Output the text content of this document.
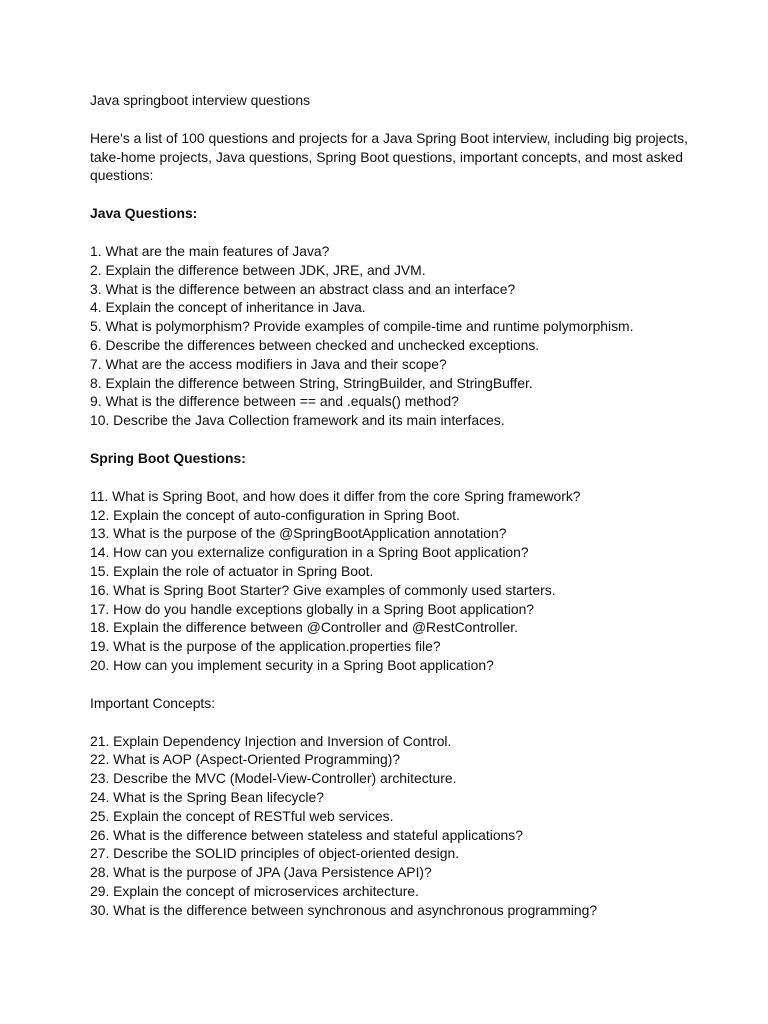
Java springboot interview questions

Here's a list of 100 questions and projects for a Java Spring Boot interview, including big projects, take-home projects, Java questions, Spring Boot questions, important concepts, and most asked questions:

Java Questions:

1. What are the main features of Java?
2. Explain the difference between JDK, JRE, and JVM.
3. What is the difference between an abstract class and an interface?
4. Explain the concept of inheritance in Java.
5. What is polymorphism? Provide examples of compile-time and runtime polymorphism.
6. Describe the differences between checked and unchecked exceptions.
7. What are the access modifiers in Java and their scope?
8. Explain the difference between String, StringBuilder, and StringBuffer.
9. What is the difference between == and .equals() method?
10. Describe the Java Collection framework and its main interfaces.

Spring Boot Questions:

11. What is Spring Boot, and how does it differ from the core Spring framework?
12. Explain the concept of auto-configuration in Spring Boot.
13. What is the purpose of the @SpringBootApplication annotation?
14. How can you externalize configuration in a Spring Boot application?
15. Explain the role of actuator in Spring Boot.
16. What is Spring Boot Starter? Give examples of commonly used starters.
17. How do you handle exceptions globally in a Spring Boot application?
18. Explain the difference between @Controller and @RestController.
19. What is the purpose of the application.properties file?
20. How can you implement security in a Spring Boot application?

Important Concepts:

21. Explain Dependency Injection and Inversion of Control.
22. What is AOP (Aspect-Oriented Programming)?
23. Describe the MVC (Model-View-Controller) architecture.
24. What is the Spring Bean lifecycle?
25. Explain the concept of RESTful web services.
26. What is the difference between stateless and stateful applications?
27. Describe the SOLID principles of object-oriented design.
28. What is the purpose of JPA (Java Persistence API)?
29. Explain the concept of microservices architecture.
30. What is the difference between synchronous and asynchronous programming?
